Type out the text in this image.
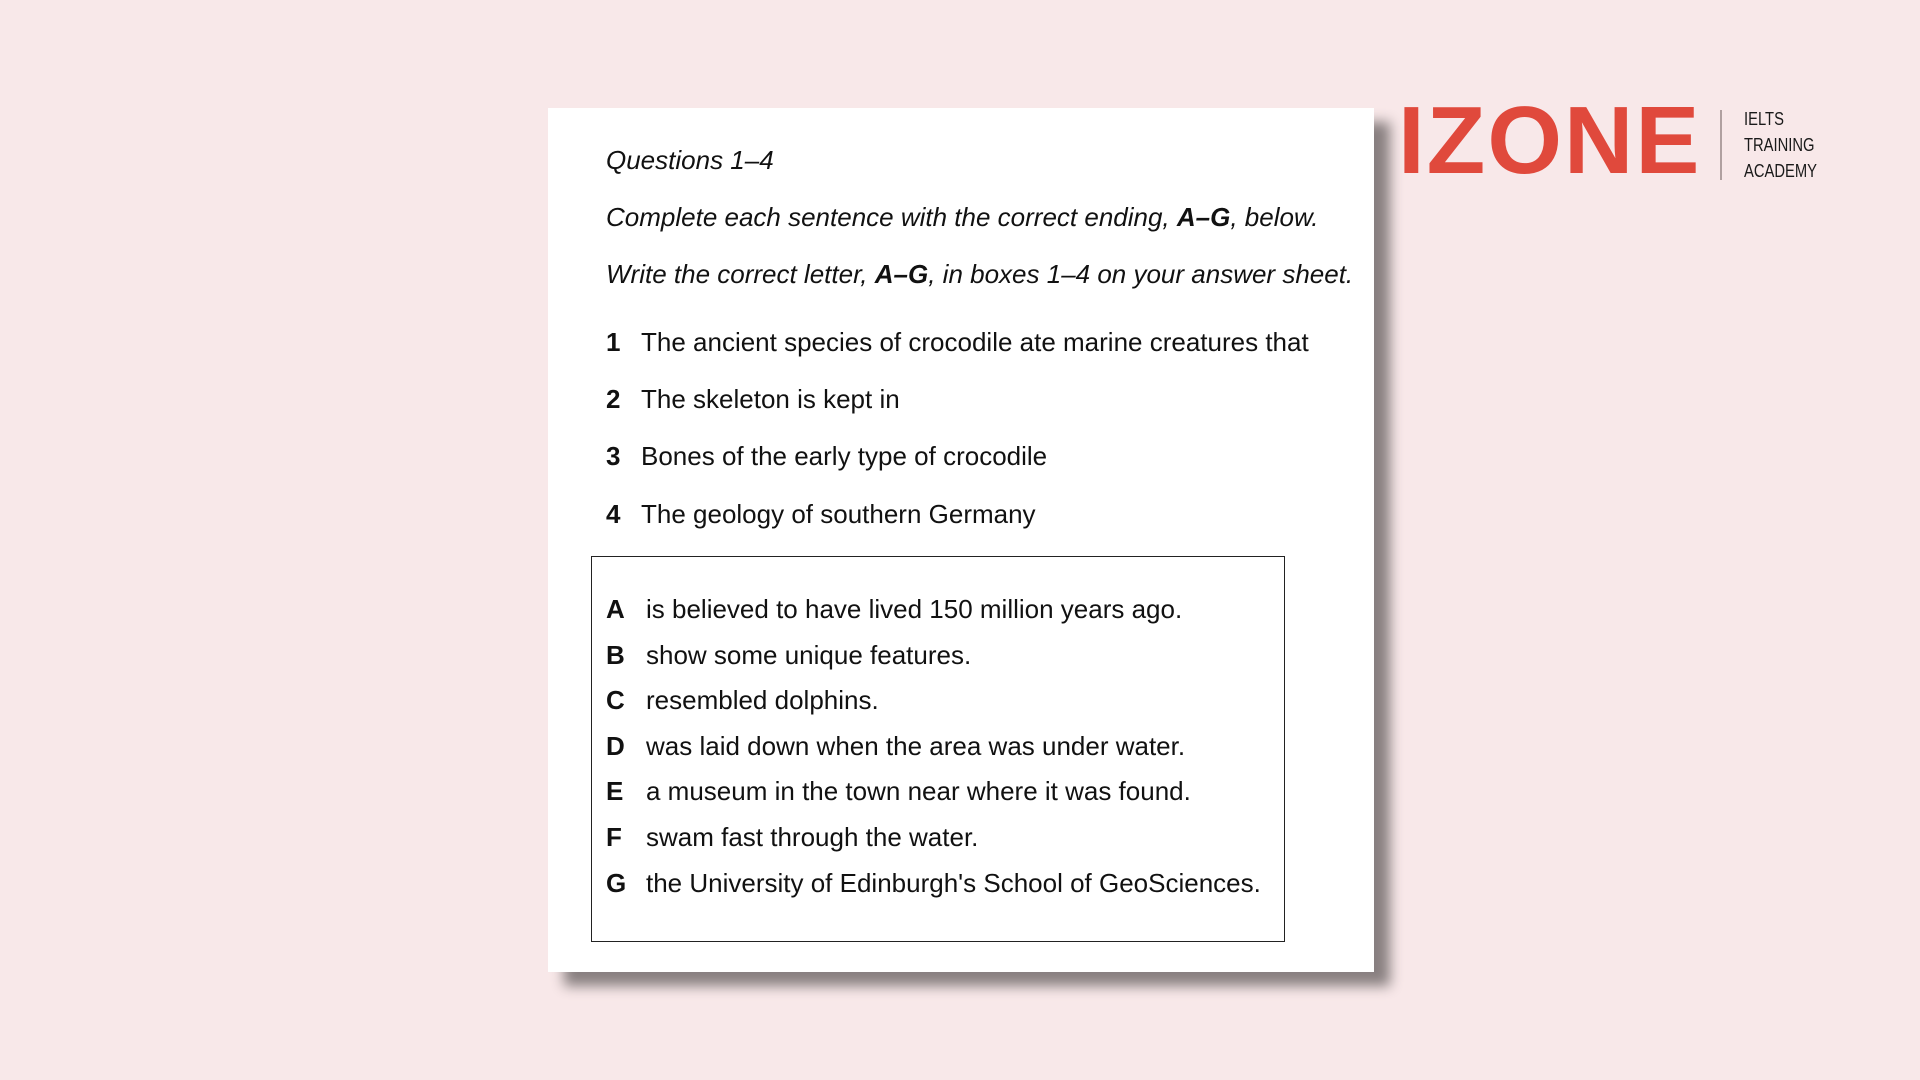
Questions 1–4
Complete each sentence with the correct ending, A–G, below.
Write the correct letter, A–G, in boxes 1–4 on your answer sheet.
1 The ancient species of crocodile ate marine creatures that
2 The skeleton is kept in
3 Bones of the early type of crocodile
4 The geology of southern Germany
A is believed to have lived 150 million years ago.
B show some unique features.
C resembled dolphins.
D was laid down when the area was under water.
E a museum in the town near where it was found.
F swam fast through the water.
G the University of Edinburgh's School of GeoSciences.
IZONE IELTS
TRAINING
ACADEMY
